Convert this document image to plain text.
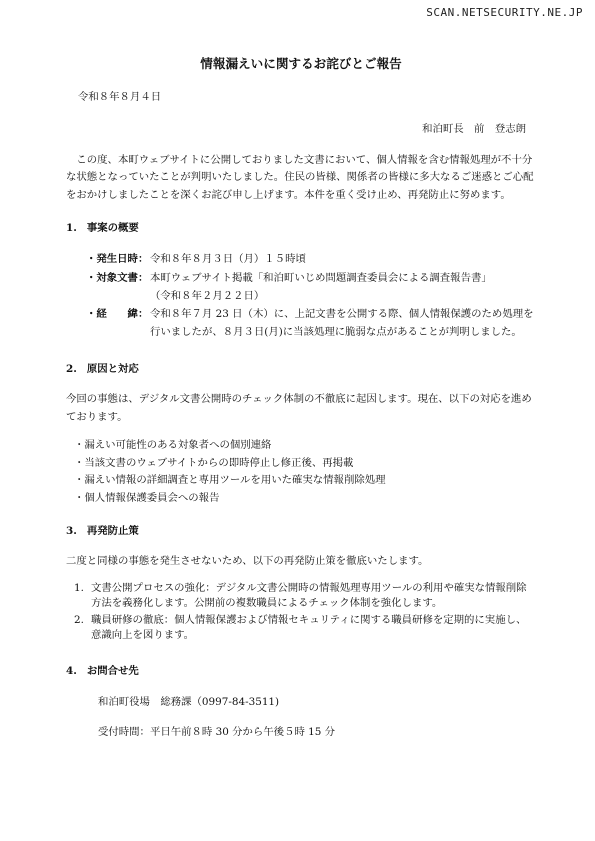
SCAN.NETSECURITY.NE.JP
情報漏えいに関するお詫びとご報告
令和８年８月４日
和泊町長　前　登志朗
この度、本町ウェブサイトに公開しておりました文書において、個人情報を含む情報処理が不十分な状態となっていたことが判明いたしました。住民の皆様、関係者の皆様に多大なるご迷惑とご心配をおかけしましたことを深くお詫び申し上げます。本件を重く受け止め、再発防止に努めます。
1. 事案の概要
・発生日時： 令和８年８月３日（月）１５時頃
・対象文書： 本町ウェブサイト掲載「和泊町いじめ問題調査委員会による調査報告書」
（令和８年２月２２日）
・経　　緯： 令和８年７月 23 日（木）に、上記文書を公開する際、個人情報保護のため処理を行いましたが、８月３日(月)に当該処理に脆弱な点があることが判明しました。
2. 原因と対応
今回の事態は、デジタル文書公開時のチェック体制の不徹底に起因します。現在、以下の対応を進めております。
・漏えい可能性のある対象者への個別連絡
・当該文書のウェブサイトからの即時停止し修正後、再掲載
・漏えい情報の詳細調査と専用ツールを用いた確実な情報削除処理
・個人情報保護委員会への報告
3. 再発防止策
二度と同様の事態を発生させないため、以下の再発防止策を徹底いたします。
1. 文書公開プロセスの強化：デジタル文書公開時の情報処理専用ツールの利用や確実な情報削除方法を義務化します。公開前の複数職員によるチェック体制を強化します。
2. 職員研修の徹底：個人情報保護および情報セキュリティに関する職員研修を定期的に実施し、意識向上を図ります。
4. お問合せ先
和泊町役場　総務課（0997-84-3511)
受付時間：平日午前８時 30 分から午後５時 15 分
